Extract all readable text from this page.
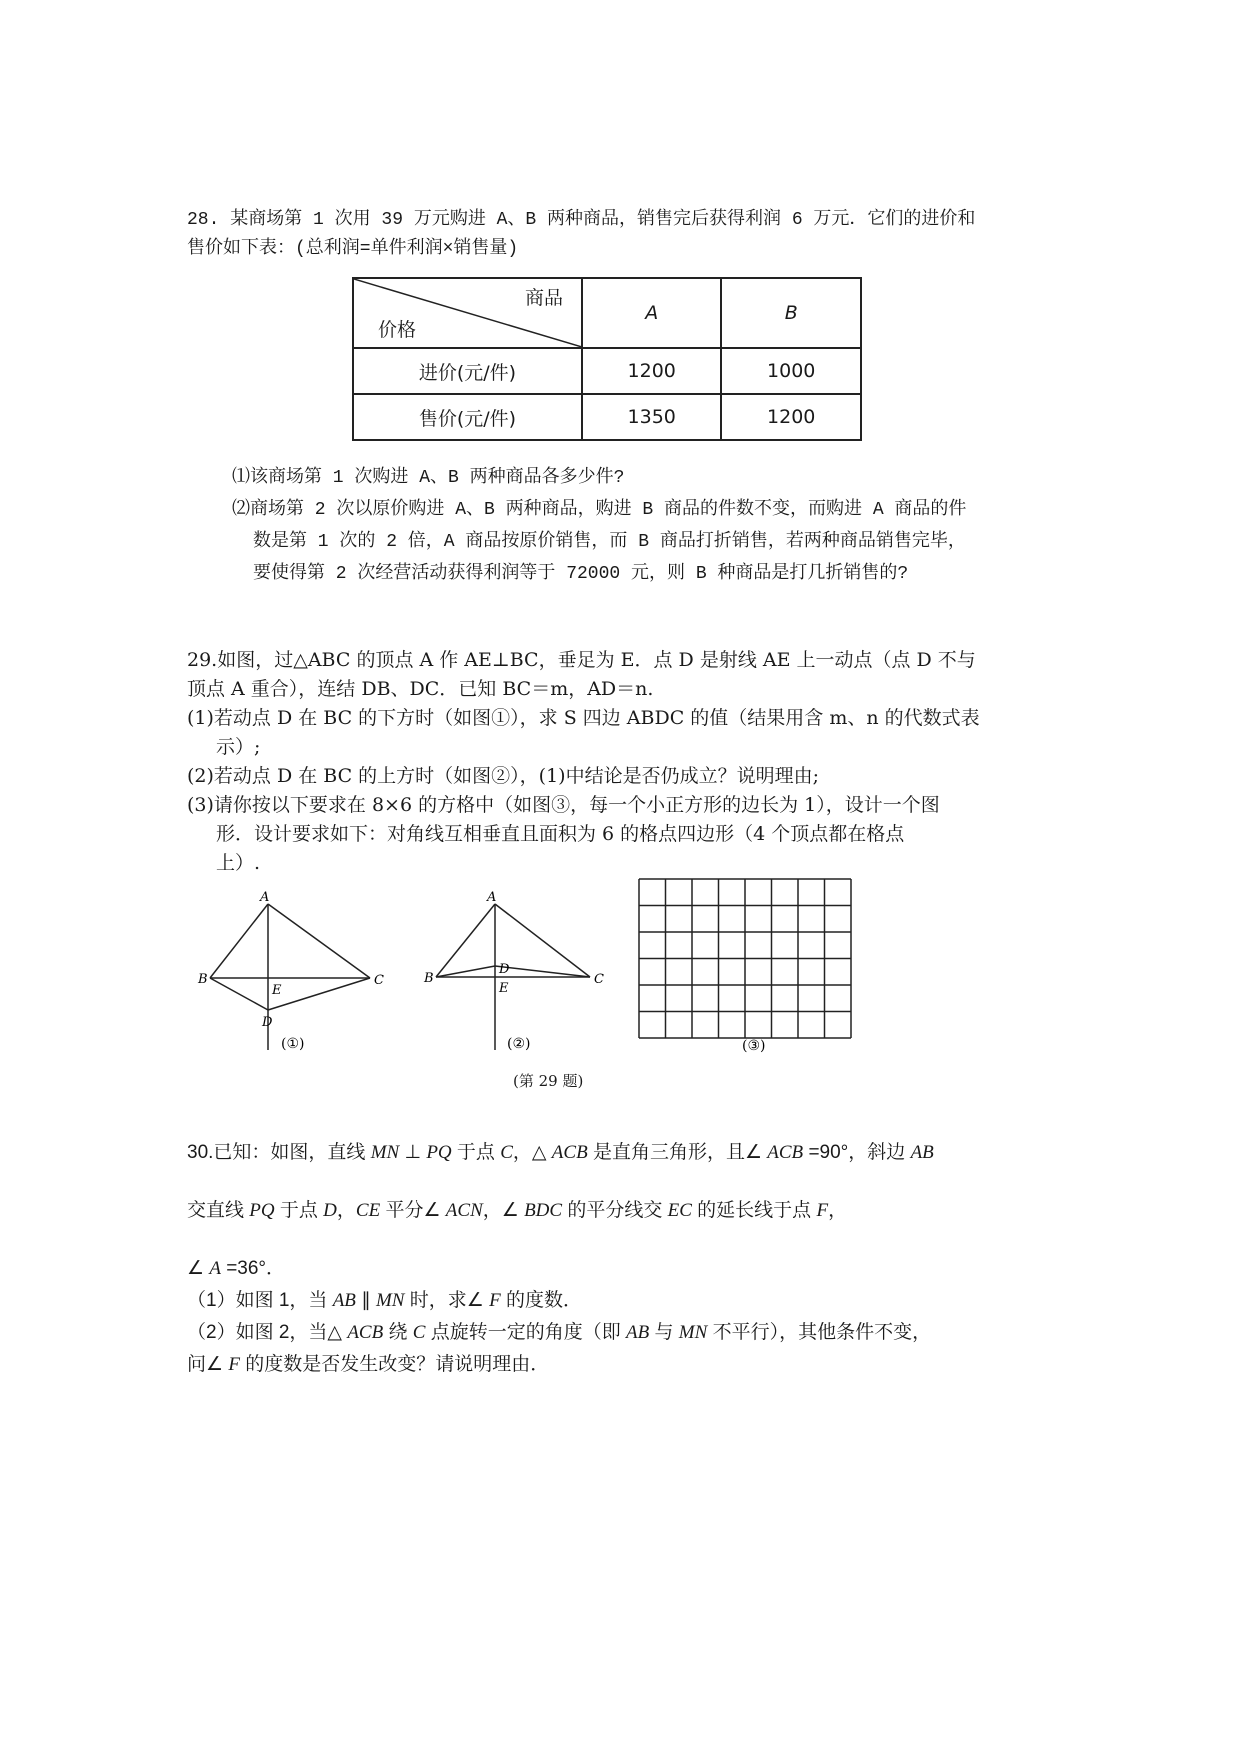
28. 某商场第 1 次用 39 万元购进 A、B 两种商品，销售完后获得利润 6 万元．它们的进价和
售价如下表：(总利润=单件利润×销售量)
商品
价格	A	B
进价(元/件)	1200	1000
售价(元/件)	1350	1200
⑴该商场第 1 次购进 A、B 两种商品各多少件?
⑵商场第 2 次以原价购进 A、B 两种商品，购进 B 商品的件数不变，而购进 A 商品的件
数是第 1 次的 2 倍，A 商品按原价销售，而 B 商品打折销售，若两种商品销售完毕，
要使得第 2 次经营活动获得利润等于 72000 元，则 B 种商品是打几折销售的?
29.如图，过△ABC 的顶点 A 作 AE⊥BC，垂足为 E．点 D 是射线 AE 上一动点（点 D 不与
顶点 A 重合），连结 DB、DC．已知 BC＝m，AD＝n.
(1)若动点 D 在 BC 的下方时（如图①），求 S 四边 ABDC 的值（结果用含 m、n 的代数式表
示）;
(2)若动点 D 在 BC 的上方时（如图②），(1)中结论是否仍成立？说明理由;
(3)请你按以下要求在 8×6 的方格中（如图③，每一个小正方形的边长为 1），设计一个图
形．设计要求如下：对角线互相垂直且面积为 6 的格点四边形（4 个顶点都在格点
上）.
A
B	C
E
D
(①)
A
B	C
D
E
(②)	(③)
(第 29 题)
30.已知：如图，直线 MN ⊥ PQ 于点 C，△ ACB 是直角三角形，且∠ ACB =90°，斜边 AB
交直线 PQ 于点 D，CE 平分∠ ACN，∠ BDC 的平分线交 EC 的延长线于点 F，
∠ A =36°．
（1）如图 1，当 AB ∥ MN 时，求∠ F 的度数．
（2）如图 2，当△ ACB 绕 C 点旋转一定的角度（即 AB 与 MN 不平行），其他条件不变，
问∠ F 的度数是否发生改变？请说明理由．
